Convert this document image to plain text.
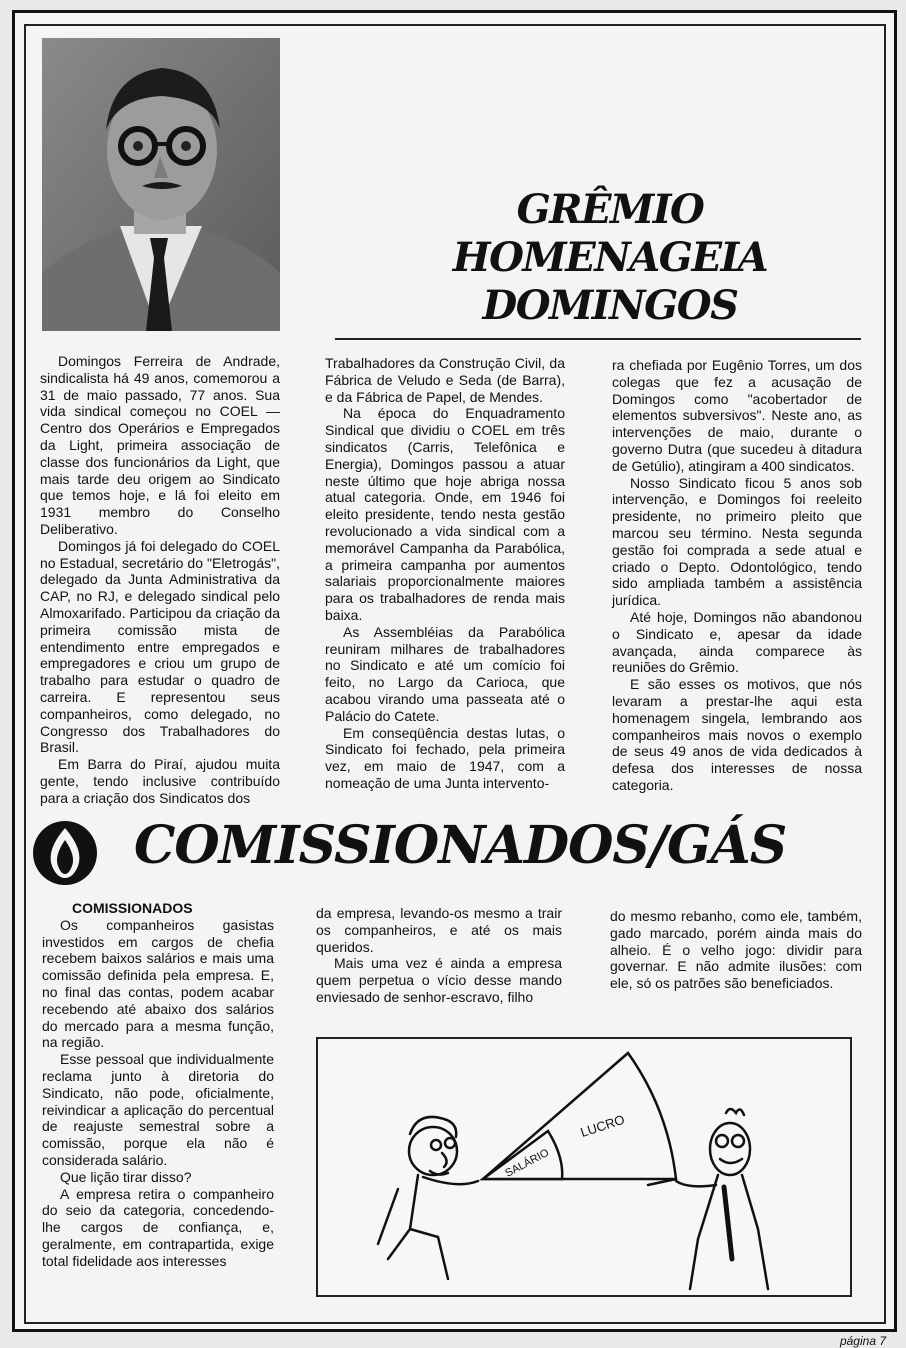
GRÊMIO
HOMENAGEIA
DOMINGOS

Domingos Ferreira de Andrade, sindicalista há 49 anos, comemorou a 31 de maio passado, 77 anos. Sua vida sindical começou no COEL — Centro dos Operários e Empregados da Light, primeira associação de classe dos funcionários da Light, que mais tarde deu origem ao Sindicato que temos hoje, e lá foi eleito em 1931 membro do Conselho Deliberativo.

Domingos já foi delegado do COEL no Estadual, secretário do "Eletrogás", delegado da Junta Administrativa da CAP, no RJ, e delegado sindical pelo Almoxarifado. Participou da criação da primeira comissão mista de entendimento entre empregados e empregadores e criou um grupo de trabalho para estudar o quadro de carreira. E representou seus companheiros, como delegado, no Congresso dos Trabalhadores do Brasil.

Em Barra do Piraí, ajudou muita gente, tendo inclusive contribuído para a criação dos Sindicatos dos

Trabalhadores da Construção Civil, da Fábrica de Veludo e Seda (de Barra), e da Fábrica de Papel, de Mendes.

Na época do Enquadramento Sindical que dividiu o COEL em três sindicatos (Carris, Telefônica e Energia), Domingos passou a atuar neste último que hoje abriga nossa atual categoria. Onde, em 1946 foi eleito presidente, tendo nesta gestão revolucionado a vida sindical com a memorável Campanha da Parabólica, a primeira campanha por aumentos salariais proporcionalmente maiores para os trabalhadores de renda mais baixa.

As Assembléias da Parabólica reuniram milhares de trabalhadores no Sindicato e até um comício foi feito, no Largo da Carioca, que acabou virando uma passeata até o Palácio do Catete.

Em conseqüência destas lutas, o Sindicato foi fechado, pela primeira vez, em maio de 1947, com a nomeação de uma Junta intervento-

ra chefiada por Eugênio Torres, um dos colegas que fez a acusação de Domingos como "acobertador de elementos subversivos". Neste ano, as intervenções de maio, durante o governo Dutra (que sucedeu à ditadura de Getúlio), atingiram a 400 sindicatos.

Nosso Sindicato ficou 5 anos sob intervenção, e Domingos foi reeleito presidente, no primeiro pleito que marcou seu término. Nesta segunda gestão foi comprada a sede atual e criado o Depto. Odontológico, tendo sido ampliada também a assistência jurídica.

Até hoje, Domingos não abandonou o Sindicato e, apesar da idade avançada, ainda comparece às reuniões do Grêmio.

E são esses os motivos, que nós levaram a prestar-lhe aqui esta homenagem singela, lembrando aos companheiros mais novos o exemplo de seus 49 anos de vida dedicados à defesa dos interesses de nossa categoria.

COMISSIONADOS/GÁS

COMISSIONADOS

Os companheiros gasistas investidos em cargos de chefia recebem baixos salários e mais uma comissão definida pela empresa. E, no final das contas, podem acabar recebendo até abaixo dos salários do mercado para a mesma função, na região.

Esse pessoal que individualmente reclama junto à diretoria do Sindicato, não pode, oficialmente, reivindicar a aplicação do percentual de reajuste semestral sobre a comissão, porque ela não é considerada salário.

Que lição tirar disso?

A empresa retira o companheiro do seio da categoria, concedendo-lhe cargos de confiança, e, geralmente, em contrapartida, exige total fidelidade aos interesses

da empresa, levando-os mesmo a trair os companheiros, e até os mais queridos.

Mais uma vez é ainda a empresa quem perpetua o vício desse mando enviesado de senhor-escravo, filho

do mesmo rebanho, como ele, também, gado marcado, porém ainda mais do alheio. É o velho jogo: dividir para governar. E não admite ilusões: com ele, só os patrões são beneficiados.

SALÁRIO
LUCRO
página 7
